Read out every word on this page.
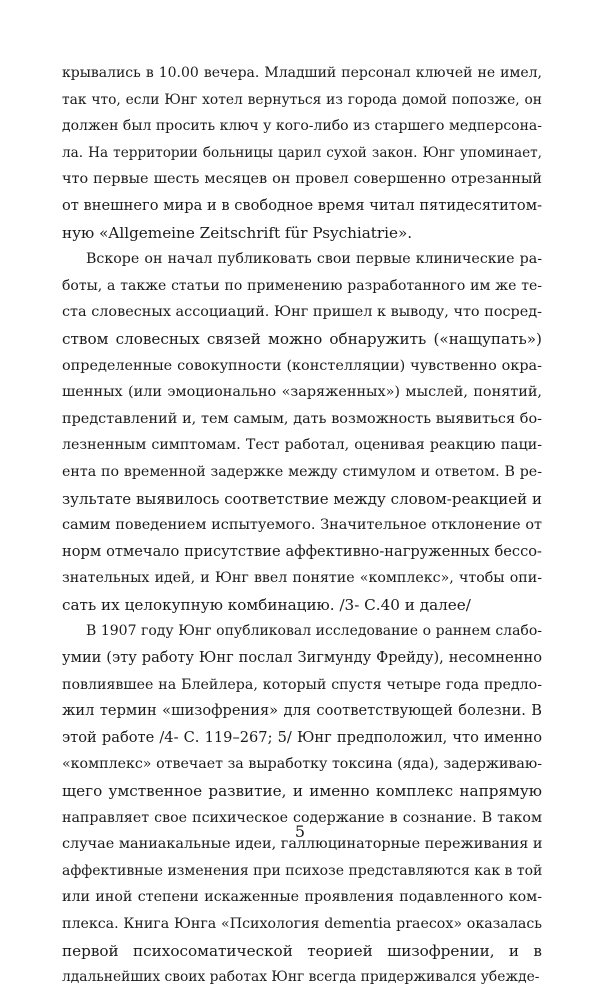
крывались в 10.00 вечера. Младший персонал ключей не имел,
так что, если Юнг хотел вернуться из города домой попозже, он
должен был просить ключ у кого-либо из старшего медперсона-
ла. На территории больницы царил сухой закон. Юнг упоминает,
что первые шесть месяцев он провел совершенно отрезанный
от внешнего мира и в свободное время читал пятидесятитом-
ную «Allgemeine Zeitschrift für Psychiatrie».
Вскоре он начал публиковать свои первые клинические ра-
боты, а также статьи по применению разработанного им же те-
ста словесных ассоциаций. Юнг пришел к выводу, что посред-
ством словесных связей можно обнаружить («нащупать»)
определенные совокупности (констелляции) чувственно окра-
шенных (или эмоционально «заряженных») мыслей, понятий,
представлений и, тем самым, дать возможность выявиться бо-
лезненным симптомам. Тест работал, оценивая реакцию паци-
ента по временной задержке между стимулом и ответом. В ре-
зультате выявилось соответствие между словом-реакцией и
самим поведением испытуемого. Значительное отклонение от
норм отмечало присутствие аффективно-нагруженных бессо-
знательных идей, и Юнг ввел понятие «комплекс», чтобы опи-
сать их целокупную комбинацию. /3- С.40 и далее/
В 1907 году Юнг опубликовал исследование о раннем слабо-
умии (эту работу Юнг послал Зигмунду Фрейду), несомненно
повлиявшее на Блейлера, который спустя четыре года предло-
жил термин «шизофрения» для соответствующей болезни. В
этой работе /4- С. 119–267; 5/ Юнг предположил, что именно
«комплекс» отвечает за выработку токсина (яда), задерживаю-
щего умственное развитие, и именно комплекс напрямую
направляет свое психическое содержание в сознание. В таком
случае маниакальные идеи, галлюцинаторные переживания и
аффективные изменения при психозе представляются как в той
или иной степени искаженные проявления подавленного ком-
плекса. Книга Юнга «Психология dementia praecox» оказалась
первой психосоматической теорией шизофрении, и в
лдальнейших своих работах Юнг всегда придерживался убежде-
5
